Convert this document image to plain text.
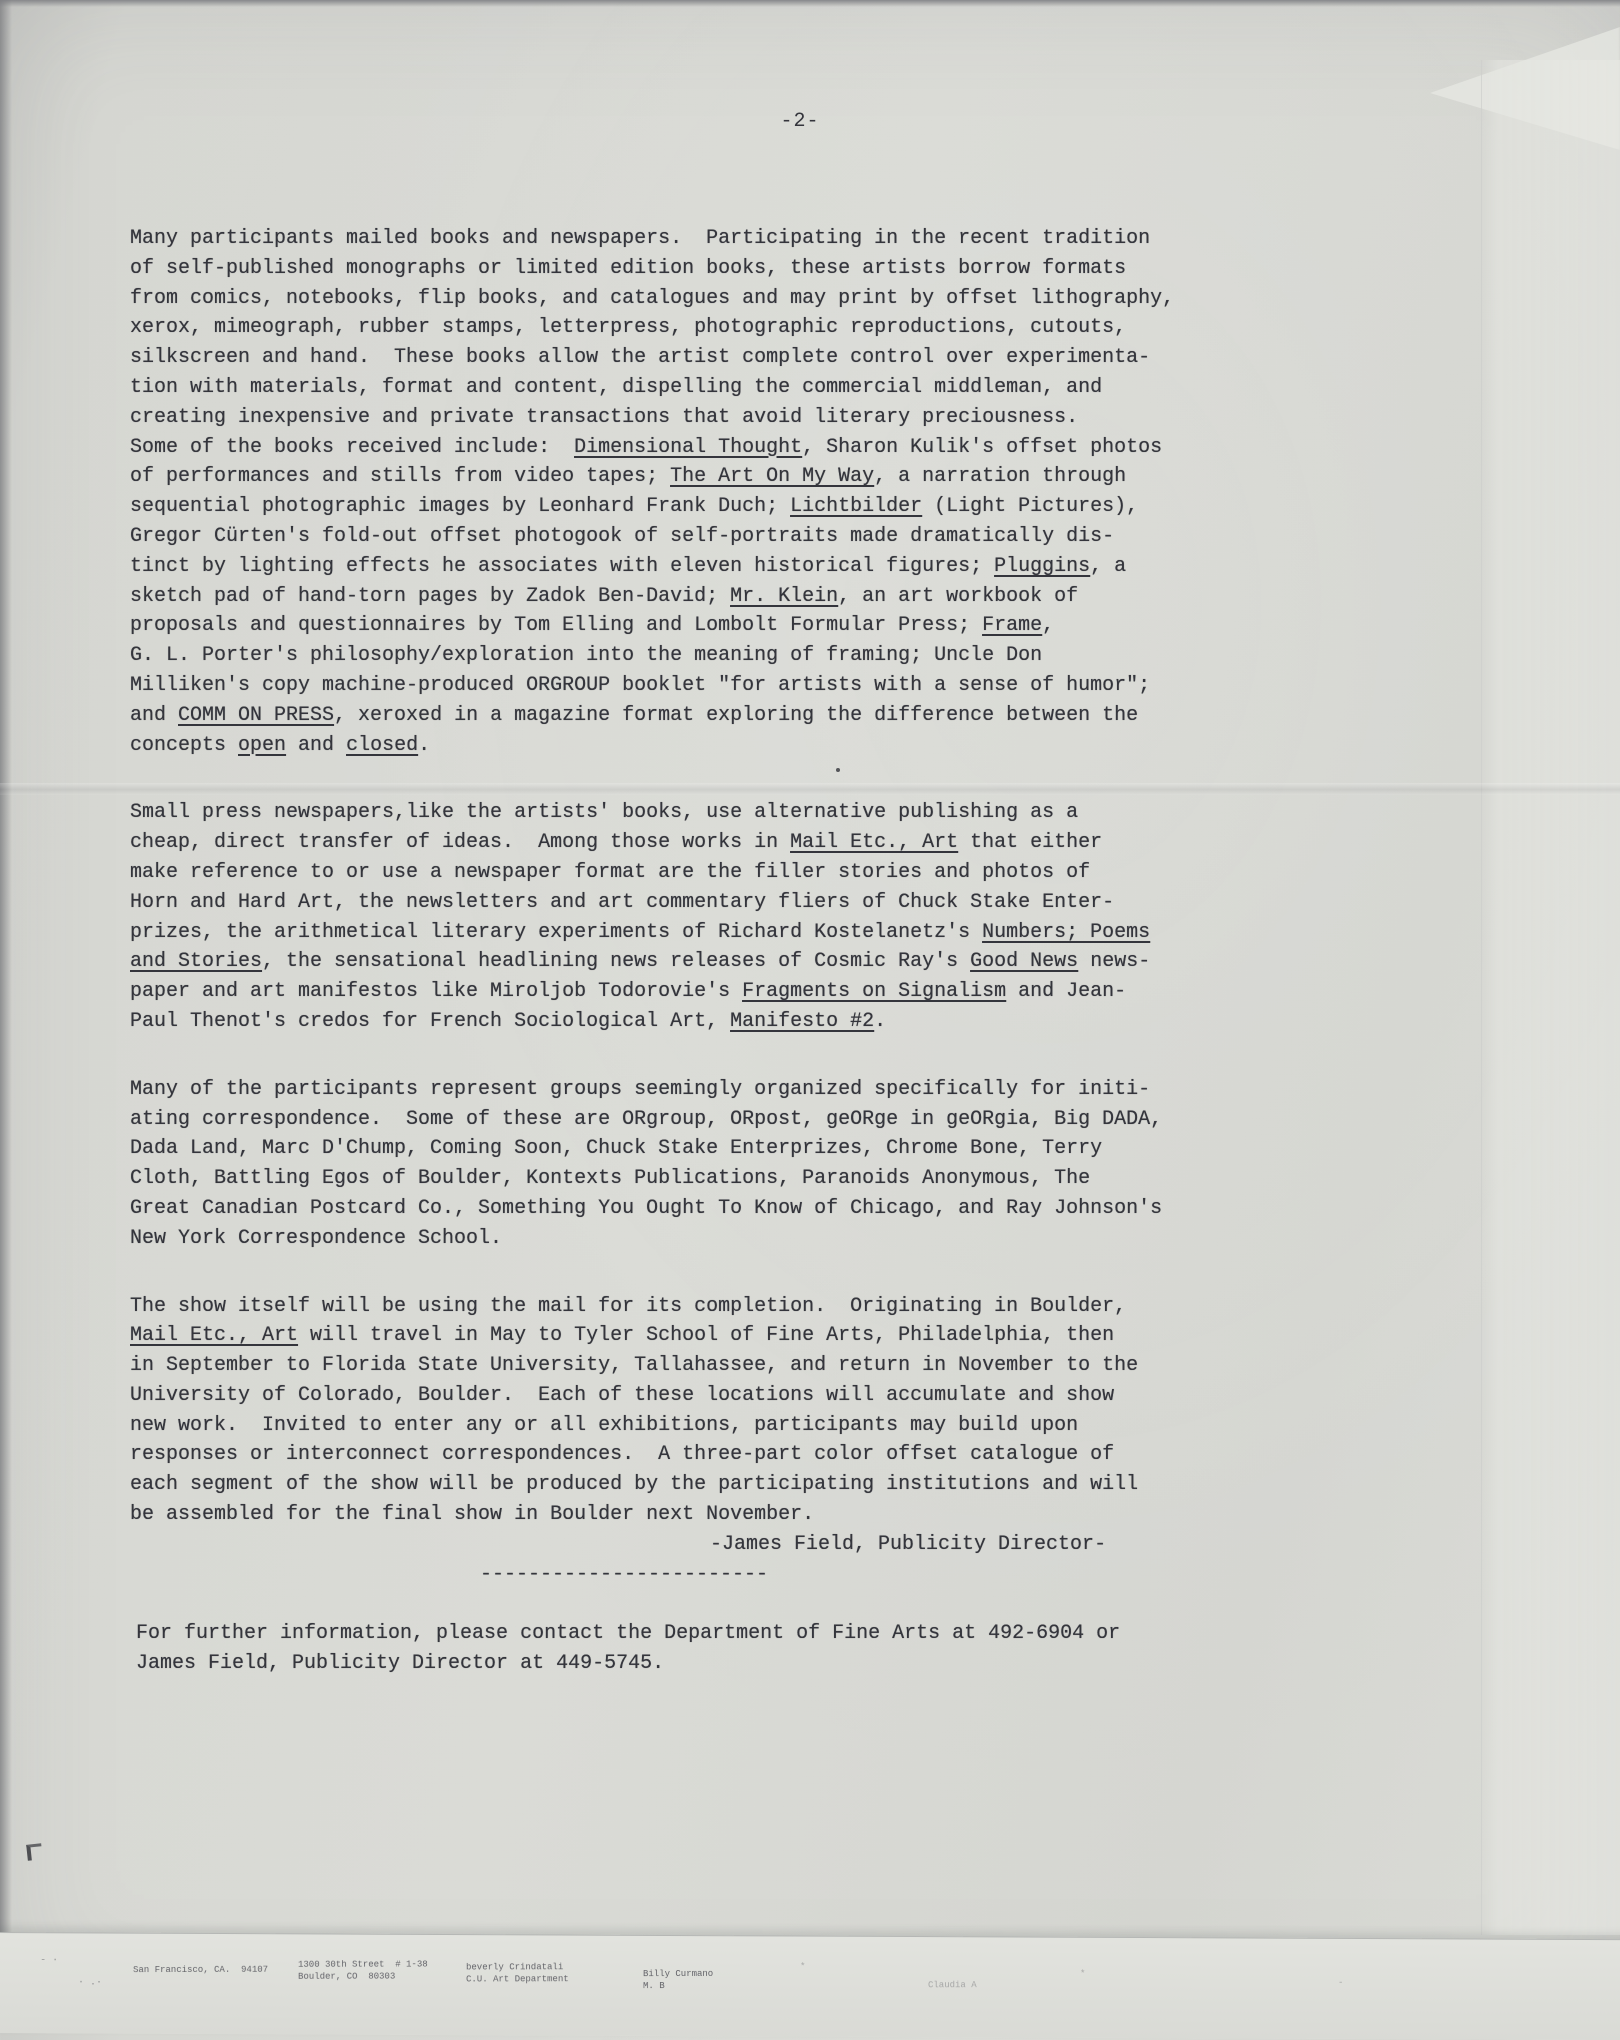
-2-
Many participants mailed books and newspapers.  Participating in the recent tradition
of self-published monographs or limited edition books, these artists borrow formats
from comics, notebooks, flip books, and catalogues and may print by offset lithography,
xerox, mimeograph, rubber stamps, letterpress, photographic reproductions, cutouts,
silkscreen and hand.  These books allow the artist complete control over experimenta-
tion with materials, format and content, dispelling the commercial middleman, and
creating inexpensive and private transactions that avoid literary preciousness.
Some of the books received include:  Dimensional Thought, Sharon Kulik's offset photos
of performances and stills from video tapes; The Art On My Way, a narration through
sequential photographic images by Leonhard Frank Duch; Lichtbilder (Light Pictures),
Gregor Cürten's fold-out offset photogook of self-portraits made dramatically dis-
tinct by lighting effects he associates with eleven historical figures; Pluggins, a
sketch pad of hand-torn pages by Zadok Ben-David; Mr. Klein, an art workbook of
proposals and questionnaires by Tom Elling and Lombolt Formular Press; Frame,
G. L. Porter's philosophy/exploration into the meaning of framing; Uncle Don
Milliken's copy machine-produced ORGROUP booklet "for artists with a sense of humor";
and COMM ON PRESS, xeroxed in a magazine format exploring the difference between the
concepts open and closed.
Small press newspapers,like the artists' books, use alternative publishing as a
cheap, direct transfer of ideas.  Among those works in Mail Etc., Art that either
make reference to or use a newspaper format are the filler stories and photos of
Horn and Hard Art, the newsletters and art commentary fliers of Chuck Stake Enter-
prizes, the arithmetical literary experiments of Richard Kostelanetz's Numbers; Poems
and Stories, the sensational headlining news releases of Cosmic Ray's Good News news-
paper and art manifestos like Miroljob Todorovie's Fragments on Signalism and Jean-
Paul Thenot's credos for French Sociological Art, Manifesto #2.
Many of the participants represent groups seemingly organized specifically for initi-
ating correspondence.  Some of these are ORgroup, ORpost, geORge in geORgia, Big DADA,
Dada Land, Marc D'Chump, Coming Soon, Chuck Stake Enterprizes, Chrome Bone, Terry
Cloth, Battling Egos of Boulder, Kontexts Publications, Paranoids Anonymous, The
Great Canadian Postcard Co., Something You Ought To Know of Chicago, and Ray Johnson's
New York Correspondence School.
The show itself will be using the mail for its completion.  Originating in Boulder,
Mail Etc., Art will travel in May to Tyler School of Fine Arts, Philadelphia, then
in September to Florida State University, Tallahassee, and return in November to the
University of Colorado, Boulder.  Each of these locations will accumulate and show
new work.  Invited to enter any or all exhibitions, participants may build upon
responses or interconnect correspondences.  A three-part color offset catalogue of
each segment of the show will be produced by the participating institutions and will
be assembled for the final show in Boulder next November.
-James Field, Publicity Director-
------------------------
For further information, please contact the Department of Fine Arts at 492-6904 or
James Field, Publicity Director at 449-5745.
- ·
· .·
San Francisco, CA.  94107
1300 30th Street  # 1-38
Boulder, CO  80303
beverly Crindatali
C.U. Art Department
Billy Curmano
M. B
*
Claudia A
*
-
